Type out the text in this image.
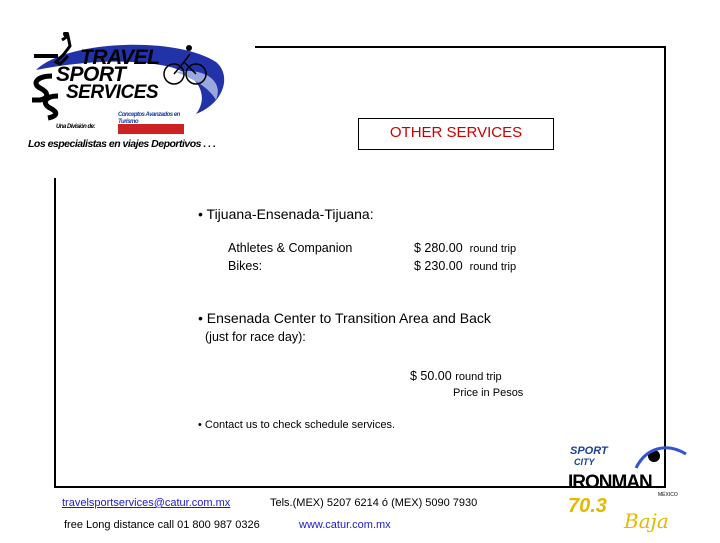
TRAVEL
SPORT
SERVICES
Una División de:
Conceptos Avanzados en Turismo
Los especialistas en viajes Deportivos . . .
OTHER SERVICES
• Tijuana-Ensenada-Tijuana:
Athletes & Companion
Bikes:
$ 280.00 round trip
$ 230.00 round trip
• Ensenada Center to Transition Area and Back
(just for race day):
$ 50.00 round trip
Price in Pesos
• Contact us to check schedule services.
travelsportservices@catur.com.mx	Tels.(MEX) 5207 6214 ó (MEX) 5090 7930
free Long distance call 01 800 987 0326	www.catur.com.mx
SPORT
CITY
IRONMAN
MÉXICO
70.3
Baja
